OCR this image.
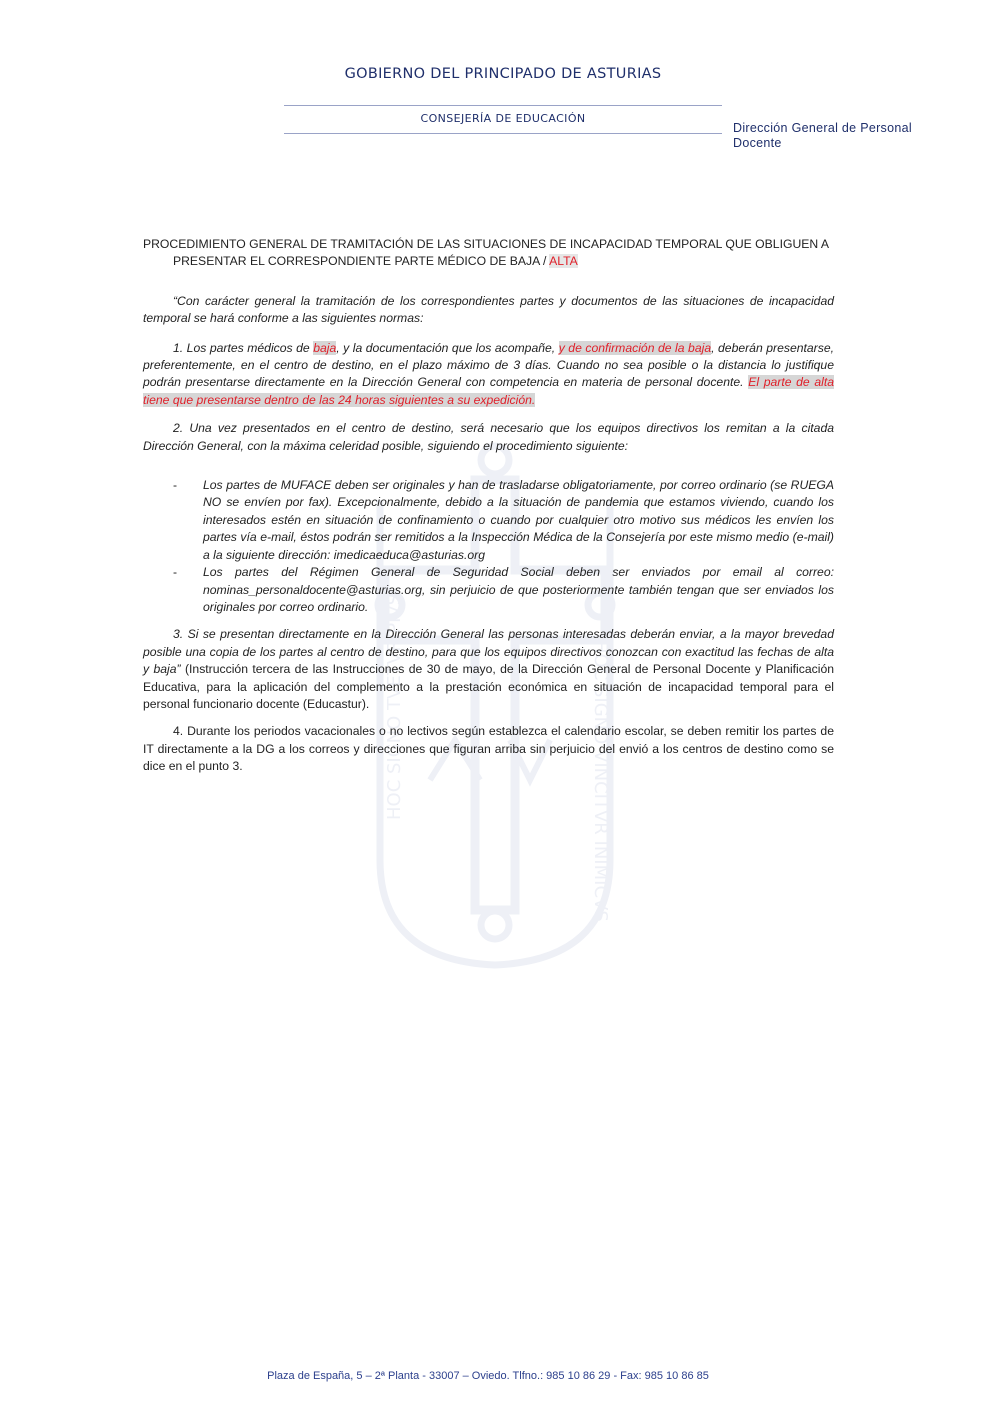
HOC SIGNO TVETVR PIVS	HOC SIGNO VINCITVR INIMICVS
GOBIERNO DEL PRINCIPADO DE ASTURIAS
CONSEJERÍA DE EDUCACIÓN
Dirección General de Personal
Docente
PROCEDIMIENTO GENERAL DE TRAMITACIÓN DE LAS SITUACIONES DE INCAPACIDAD TEMPORAL QUE OBLIGUEN A
PRESENTAR EL CORRESPONDIENTE PARTE MÉDICO DE BAJA / ALTA

“Con carácter general la tramitación de los correspondientes partes y documentos de las situaciones de incapacidad temporal se hará conforme a las siguientes normas:

1. Los partes médicos de baja, y la documentación que los acompañe, y de confirmación de la baja, deberán presentarse, preferentemente, en el centro de destino, en el plazo máximo de 3 días. Cuando no sea posible o la distancia lo justifique podrán presentarse directamente en la Dirección General con competencia en materia de personal docente. El parte de alta tiene que presentarse dentro de las 24 horas siguientes a su expedición.

2. Una vez presentados en el centro de destino, será necesario que los equipos directivos los remitan a la citada Dirección General, con la máxima celeridad posible, siguiendo el procedimiento siguiente:

- Los partes de MUFACE deben ser originales y han de trasladarse obligatoriamente, por correo ordinario (se RUEGA NO se envíen por fax). Excepcionalmente, debido a la situación de pandemia que estamos viviendo, cuando los interesados estén en situación de confinamiento o cuando por cualquier otro motivo sus médicos les envíen los partes vía e-mail, éstos podrán ser remitidos a la Inspección Médica de la Consejería por este mismo medio (e-mail) a la siguiente dirección: imedicaeduca@asturias.org
- Los partes del Régimen General de Seguridad Social deben ser enviados por email al correo: nominas_personaldocente@asturias.org, sin perjuicio de que posteriormente también tengan que ser enviados los originales por correo ordinario.

3. Si se presentan directamente en la Dirección General las personas interesadas deberán enviar, a la mayor brevedad posible una copia de los partes al centro de destino, para que los equipos directivos conozcan con exactitud las fechas de alta y baja” (Instrucción tercera de las Instrucciones de 30 de mayo, de la Dirección General de Personal Docente y Planificación Educativa, para la aplicación del complemento a la prestación económica en situación de incapacidad temporal para el personal funcionario docente (Educastur).

4. Durante los periodos vacacionales o no lectivos según establezca el calendario escolar, se deben remitir los partes de IT directamente a la DG a los correos y direcciones que figuran arriba sin perjuicio del envió a los centros de destino como se dice en el punto 3.

Plaza de España, 5 – 2ª Planta - 33007 – Oviedo. Tlfno.: 985 10 86 29 - Fax: 985 10 86 85
